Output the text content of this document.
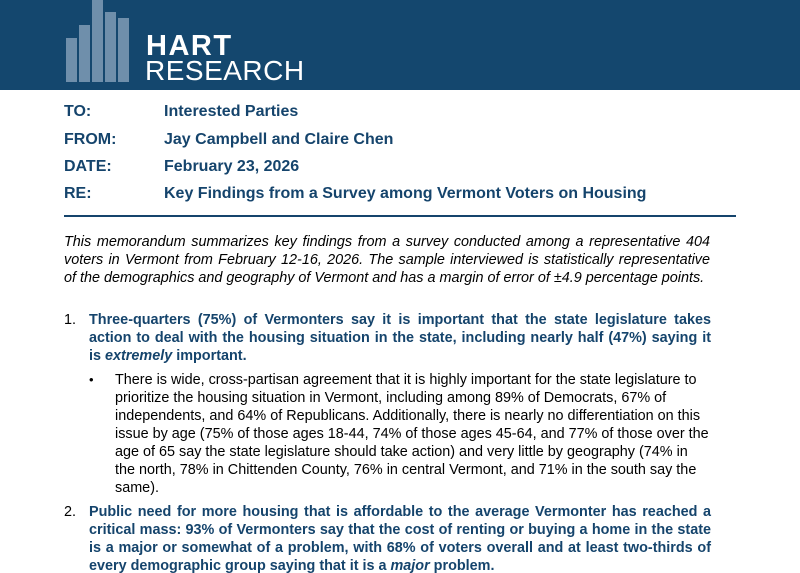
HART
RESEARCH
TO:	Interested Parties
FROM:	Jay Campbell and Claire Chen
DATE:	February 23, 2026
RE:	Key Findings from a Survey among Vermont Voters on Housing
This memorandum summarizes key findings from a survey conducted among a representative 404 voters in Vermont from February 12-16, 2026. The sample interviewed is statistically representative of the demographics and geography of Vermont and has a margin of error of ±4.9 percentage points.
1. Three-quarters (75%) of Vermonters say it is important that the state legislature takes action to deal with the housing situation in the state, including nearly half (47%) saying it is extremely important.
• There is wide, cross-partisan agreement that it is highly important for the state legislature to prioritize the housing situation in Vermont, including among 89% of Democrats, 67% of independents, and 64% of Republicans. Additionally, there is nearly no differentiation on this issue by age (75% of those ages 18-44, 74% of those ages 45-64, and 77% of those over the age of 65 say the state legislature should take action) and very little by geography (74% in the north, 78% in Chittenden County, 76% in central Vermont, and 71% in the south say the same).
2. Public need for more housing that is affordable to the average Vermonter has reached a critical mass: 93% of Vermonters say that the cost of renting or buying a home in the state is a major or somewhat of a problem, with 68% of voters overall and at least two-thirds of every demographic group saying that it is a major problem.
